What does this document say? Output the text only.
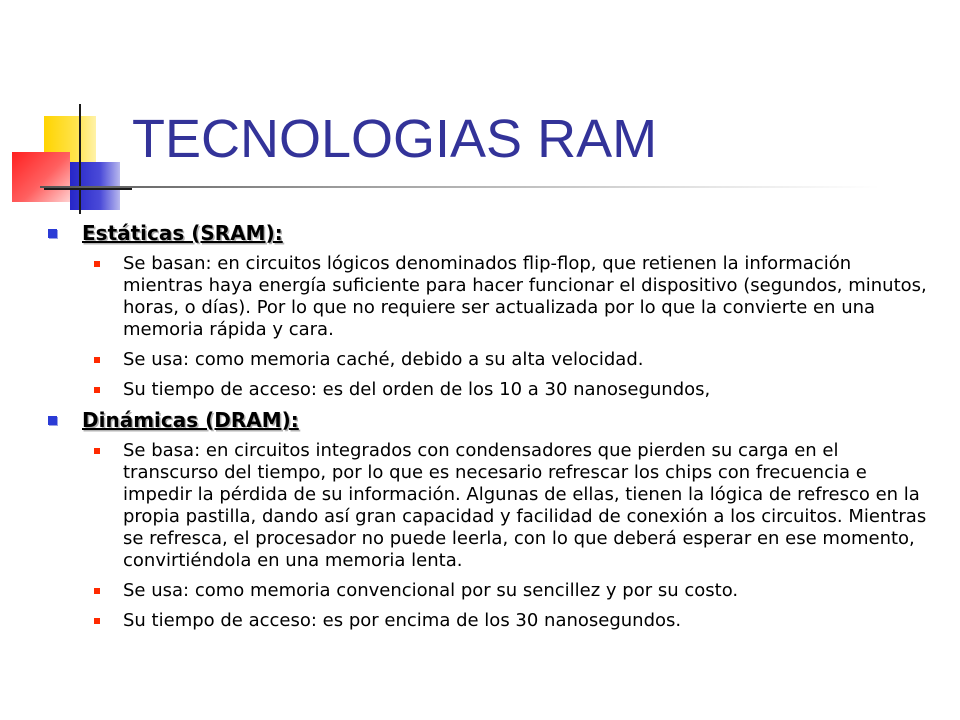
TECNOLOGIAS RAM
Estáticas (SRAM):
Se basan: en circuitos lógicos denominados flip-flop, que retienen la información mientras haya energía suficiente para hacer funcionar el dispositivo (segundos, minutos, horas, o días). Por lo que no requiere ser actualizada por lo que la convierte en una memoria rápida y cara.
Se usa: como memoria caché, debido a su alta velocidad.
Su tiempo de acceso: es del orden de los 10 a 30 nanosegundos,
Dinámicas (DRAM):
Se basa: en circuitos integrados con condensadores que pierden su carga en el transcurso del tiempo, por lo que es necesario refrescar los chips con frecuencia e impedir la pérdida de su información. Algunas de ellas, tienen la lógica de refresco en la propia pastilla, dando así gran capacidad y facilidad de conexión a los circuitos. Mientras se refresca, el procesador no puede leerla, con lo que deberá esperar en ese momento, convirtiéndola en una memoria lenta.
Se usa: como memoria convencional por su sencillez y por su costo.
Su tiempo de acceso: es por encima de los 30 nanosegundos.
